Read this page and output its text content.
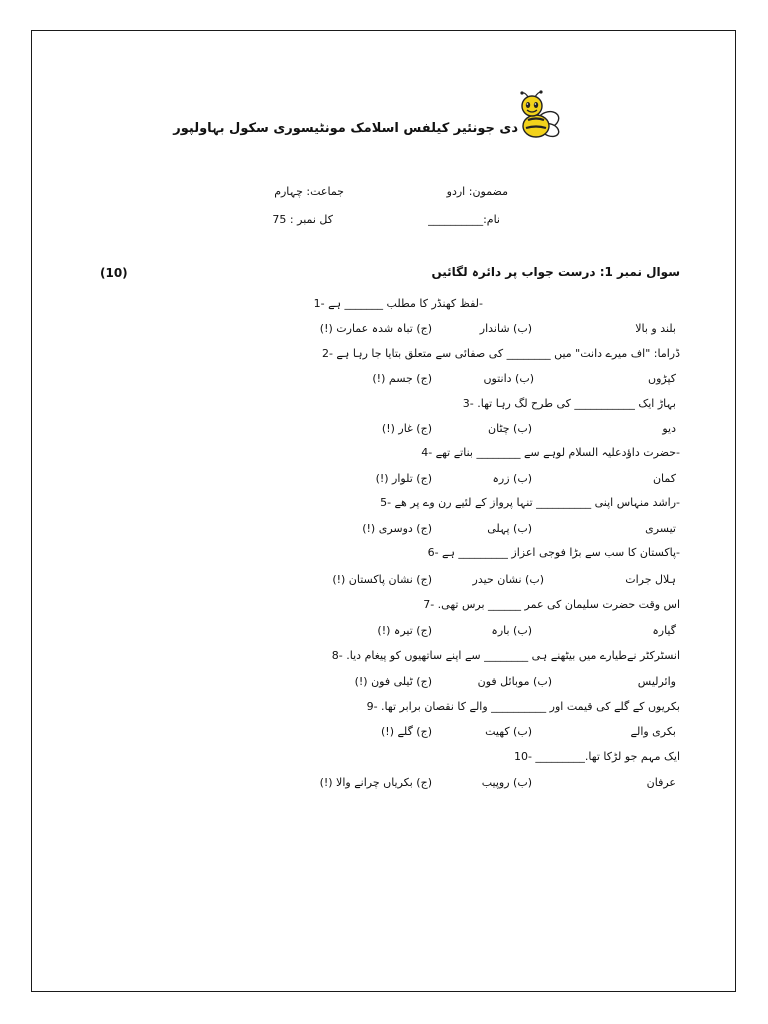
دی جونئیر کیلفس اسلامک مونٹیسوری سکول بہاولپور
مضمون: اردو
جماعت: چہارم
نام:__________
کل نمبر : 75
سوال نمبر 1: درست جواب پر دائرہ لگائیں
(10)
-لفظ کھنڈر کا مطلب _______ ہے -1
بلند و بالا
(ب) شاندار
(ج) تباہ شدہ عمارت (!)
ڈراما: "اف میرے دانت" میں ________ کی صفائی سے متعلق بتایا جا رہا ہے -2
کپڑوں
(ب) دانتوں
(ج) جسم (!)
بہاڑ ایک ___________ کی طرح لگ رہا تھا. -3
دیو
(ب) چٹان
(ج) غار (!)
-حضرت داؤدعلیہ السلام لوہے سے ________ بناتے تھے -4
کمان
(ب) زرہ
(ج) تلوار (!)
-راشد منہاس اپنی __________ تنہا پرواز کے لئیے رن وے پر ھے -5
تیسری
(ب) پہلی
(ج) دوسری (!)
-پاکستان کا سب سے بڑا فوجی اعزاز _________ ہے -6
ہلال جرات
(ب) نشان حیدر
(ج) نشان پاکستان (!)
اس وقت حضرت سلیمان کی عمر ______ برس تھی. -7
گیارہ
(ب) بارہ
(ج) تیرہ (!)
انسٹرکٹر نےطیارے میں بیٹھنے ہی ________ سے اپنے ساتھیوں کو پیغام دیا. -8
وائرلیس
(ب) موبائل فون
(ج) ٹیلی فون (!)
بکریوں کے گلے کی قیمت اور __________ والے کا نقصان برابر تھا. -9
بکری والے
(ب) کھیت
(ج) گلے (!)
ایک مہم جو لڑکا تھا._________ -10
عرفان
(ب) روپیب
(ج) بکریاں چرانے والا (!)
